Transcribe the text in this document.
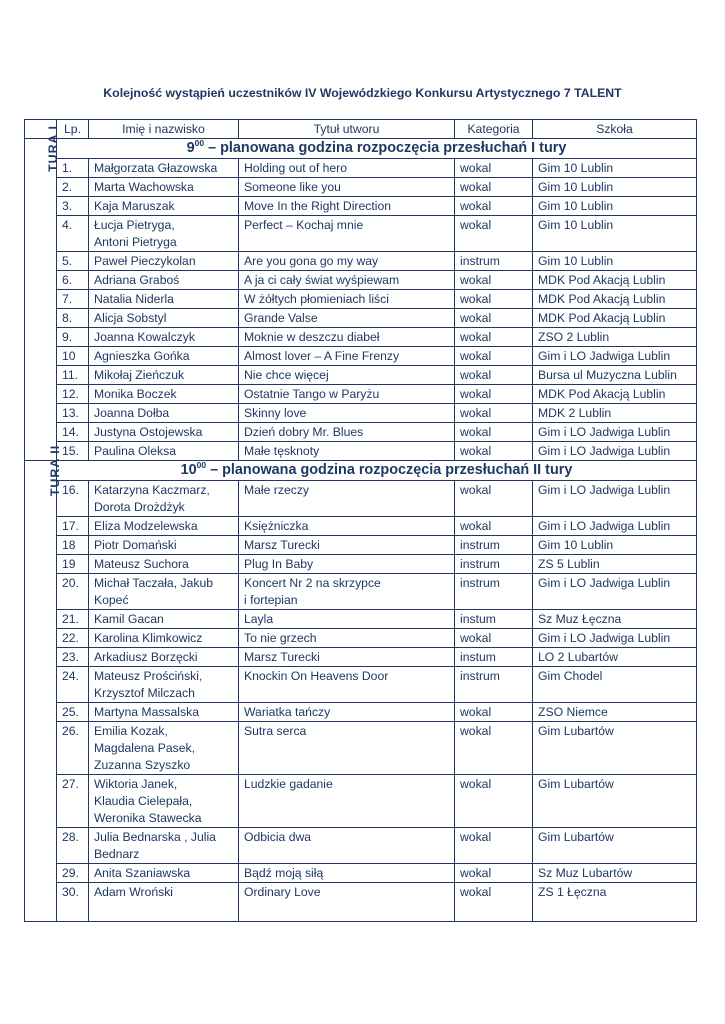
Kolejność wystąpień uczestników IV Wojewódzkiego Konkursu Artystycznego 7 TALENT
	Lp.	Imię i nazwisko	Tytuł utworu	Kategoria	Szkoła
TURA I	$9^{00}$ – planowana godzina rozpoczęcia przesłuchań I tury				
	1.	Małgorzata Głazowska	Holding out of hero	wokal	Gim 10 Lublin
	2.	Marta Wachowska	Someone like you	wokal	Gim 10 Lublin
	3.	Kaja Maruszak	Move In the Right Direction	wokal	Gim 10 Lublin
	4.	Łucja Pietryga,
Antoni Pietryga	Perfect – Kochaj mnie	wokal	Gim 10 Lublin
	5.	Paweł Pieczykolan	Are you gona go my way	instrum	Gim 10 Lublin
	6.	Adriana Graboś	A ja ci cały świat wyśpiewam	wokal	MDK Pod Akacją Lublin
	7.	Natalia Niderla	W żółtych płomieniach liści	wokal	MDK Pod Akacją Lublin
	8.	Alicja Sobstyl	Grande Valse	wokal	MDK Pod Akacją Lublin
	9.	Joanna Kowalczyk	Moknie w deszczu diabeł	wokal	ZSO 2 Lublin
	10	Agnieszka Gońka	Almost lover – A Fine Frenzy	wokal	Gim i LO Jadwiga Lublin
	11.	Mikołaj Zieńczuk	Nie chce więcej	wokal	Bursa ul Muzyczna Lublin
	12.	Monika Boczek	Ostatnie Tango w Paryżu	wokal	MDK Pod Akacją Lublin
	13.	Joanna Dołba	Skinny love	wokal	MDK 2 Lublin
	14.	Justyna Ostojewska	Dzień dobry Mr. Blues	wokal	Gim i LO Jadwiga Lublin
	15.	Paulina Oleksa	Małe tęsknoty	wokal	Gim i LO Jadwiga Lublin
TURA II	$10^{00}$ – planowana godzina rozpoczęcia przesłuchań II tury				
	16.	Katarzyna Kaczmarz,
Dorota Drożdżyk	Małe rzeczy	wokal	Gim i LO Jadwiga Lublin
	17.	Eliza Modzelewska	Księżniczka	wokal	Gim i LO Jadwiga Lublin
	18	Piotr Domański	Marsz Turecki	instrum	Gim 10 Lublin
	19	Mateusz Suchora	Plug In Baby	instrum	ZS 5 Lublin
	20.	Michał Taczała, Jakub
Kopeć	Koncert Nr 2 na skrzypce
i fortepian	instrum	Gim i LO Jadwiga Lublin
	21.	Kamil Gacan	Layla	instum	Sz Muz Łęczna
	22.	Karolina Klimkowicz	To nie grzech	wokal	Gim i LO Jadwiga Lublin
	23.	Arkadiusz Borzęcki	Marsz Turecki	instum	LO 2 Lubartów
	24.	Mateusz Prościński,
Krzysztof Milczach	Knockin On Heavens Door	instrum	Gim Chodel
	25.	Martyna Massalska	Wariatka tańczy	wokal	ZSO Niemce
	26.	Emilia Kozak,
Magdalena Pasek,
Zuzanna Szyszko	Sutra serca	wokal	Gim Lubartów
	27.	Wiktoria Janek,
Klaudia Cielepała,
Weronika Stawecka	Ludzkie gadanie	wokal	Gim Lubartów
	28.	Julia Bednarska , Julia
Bednarz	Odbicia dwa	wokal	Gim Lubartów
	29.	Anita Szaniawska	Bądź moją siłą	wokal	Sz Muz Lubartów
	30.	Adam Wroński	Ordinary Love	wokal	ZS 1 Łęczna
